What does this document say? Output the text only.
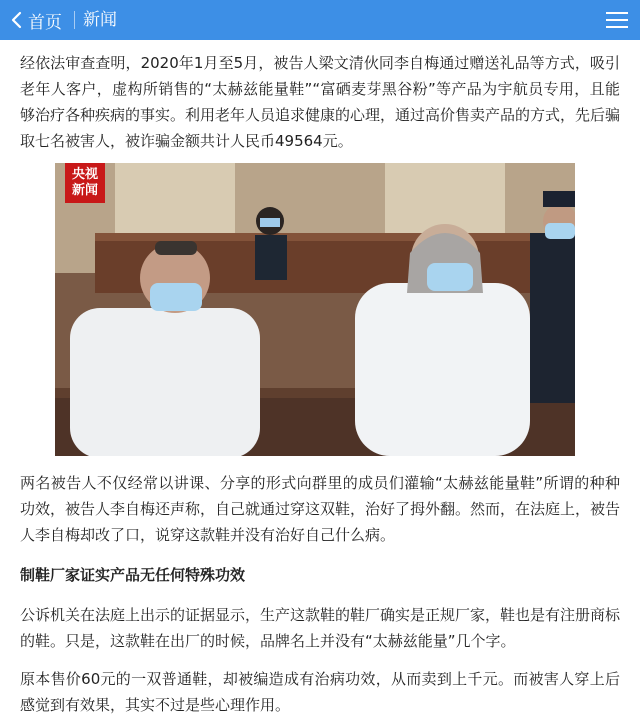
首页 新闻

经依法审查查明，2020年1月至5月，被告人梁文清伙同李自梅通过赠送礼品等方式，吸引老年人客户，虚构所销售的“太赫兹能量鞋”“富硒麦芽黑谷粉”等产品为宇航员专用，且能够治疗各种疾病的事实。利用老年人员追求健康的心理，通过高价售卖产品的方式，先后骗取七名被害人，被诈骗金额共计人民币49564元。

央视
新闻

两名被告人不仅经常以讲课、分享的形式向群里的成员们灌输“太赫兹能量鞋”所谓的种种功效，被告人李自梅还声称，自己就通过穿这双鞋，治好了拇外翻。然而，在法庭上，被告人李自梅却改了口，说穿这款鞋并没有治好自己什么病。

制鞋厂家证实产品无任何特殊功效

公诉机关在法庭上出示的证据显示，生产这款鞋的鞋厂确实是正规厂家，鞋也是有注册商标的鞋。只是，这款鞋在出厂的时候，品牌名上并没有“太赫兹能量”几个字。

原本售价60元的一双普通鞋，却被编造成有治病功效，从而卖到上千元。而被害人穿上后感觉到有效果，其实不过是些心理作用。
